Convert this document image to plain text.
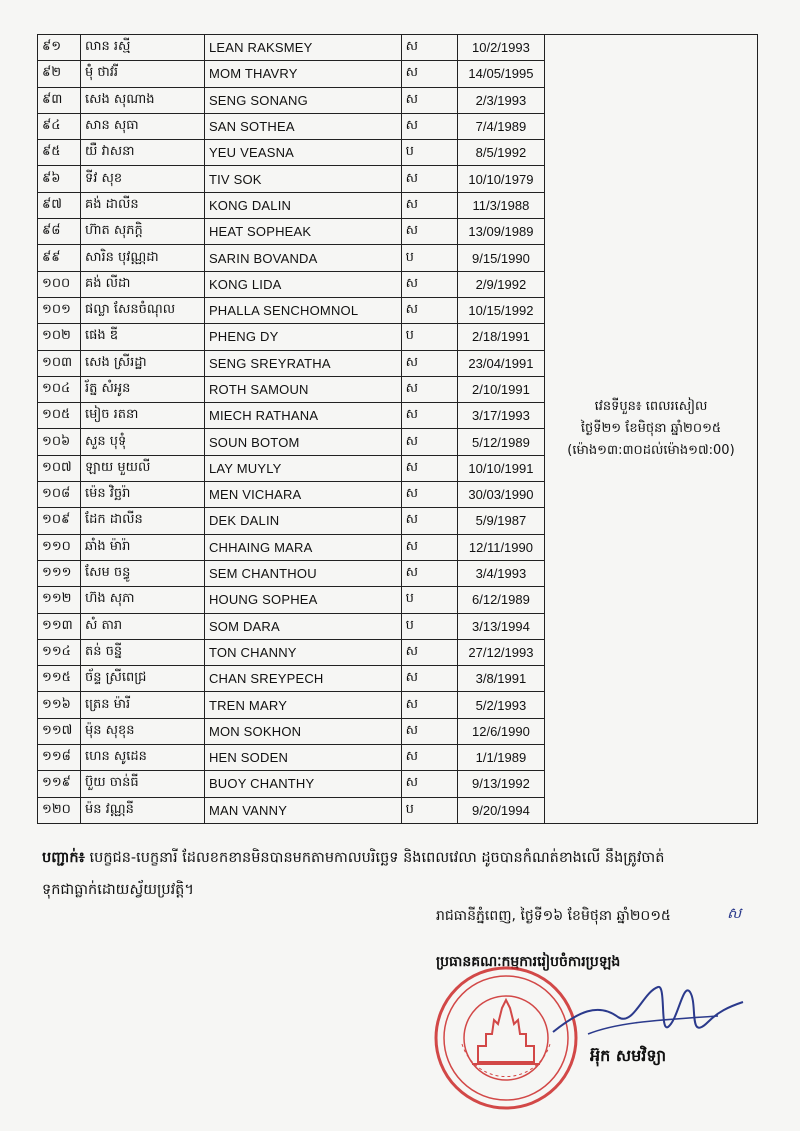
៩១	លាន រស្មី	LEAN RAKSMEY	ស	10/2/1993	វេនទីបួន៖ ពេលរសៀល
ថ្ងៃទី២១ ខែមិថុនា ឆ្នាំ២០១៥
(ម៉ោង១៣:៣០ដល់ម៉ោង១៧:00)

៩២	ម៉ុំ ថាវរី	MOM THAVRY	ស	14/05/1995	
៩៣	សេង សុណាង	SENG SONANG	ស	2/3/1993	
៩៤	សាន សុធា	SAN SOTHEA	ស	7/4/1989	
៩៥	យឺ វាសនា	YEU VEASNA	ប	8/5/1992	
៩៦	ទីវ សុខ	TIV SOK	ស	10/10/1979	
៩៧	គង់ ដាលីន	KONG DALIN	ស	11/3/1988	
៩៨	ហ៊ាត សុភក្តិ	HEAT SOPHEAK	ស	13/09/1989	
៩៩	សារិន បុវណ្ណដា	SARIN BOVANDA	ប	9/15/1990	
១០០	គង់ លីដា	KONG LIDA	ស	2/9/1992	
១០១	ផល្លា សែនចំណុល	PHALLA SENCHOMNOL	ស	10/15/1992	
១០២	ផេង ឌី	PHENG DY	ប	2/18/1991	
១០៣	សេង ស្រីរដ្ឋា	SENG SREYRATHA	ស	23/04/1991	
១០៤	រ័ត្ន សំអូន	ROTH SAMOUN	ស	2/10/1991	
១០៥	មៀច រតនា	MIECH RATHANA	ស	3/17/1993	
១០៦	សួន បុទុំ	SOUN BOTOM	ស	5/12/1989	
១០៧	ឡាយ មួយលី	LAY MUYLY	ស	10/10/1991	
១០៨	ម៉េន វិច្ឆរ៉ា	MEN VICHARA	ស	30/03/1990	
១០៩	ដែក ដាលីន	DEK DALIN	ស	5/9/1987	
១១០	ឆាំង ម៉ារ៉ា	CHHAING MARA	ស	12/11/1990	
១១១	សែម ចន្ធូ	SEM CHANTHOU	ស	3/4/1993	
១១២	ហ៊ង សុភា	HOUNG SOPHEA	ប	6/12/1989	
១១៣	សំ តារា	SOM DARA	ប	3/13/1994	
១១៤	តន់ ចន្នី	TON CHANNY	ស	27/12/1993	
១១៥	ច័ន្ទ ស្រីពេជ្រ	CHAN SREYPECH	ស	3/8/1991	
១១៦	ត្រេន ម៉ារី	TREN MARY	ស	5/2/1993	
១១៧	ម៉ុន សុខុន	MON SOKHON	ស	12/6/1990	
១១៨	ហេន សូដេន	HEN SODEN	ស	1/1/1989	
១១៩	ប៊ួយ ចាន់ធី	BUOY CHANTHY	ស	9/13/1992	
១២០	ម៉ន វណ្ណនី	MAN VANNY	ប	9/20/1994	
បញ្ជាក់៖ បេក្ខជន-បេក្ខនារី ដែលខកខានមិនបានមកតាមកាលបរិច្ឆេទ និងពេលវេលា ដូចបានកំណត់ខាងលើ នឹងត្រូវចាត់
ទុកជាធ្លាក់ដោយស្វ័យប្រវត្តិ។
រាជធានីភ្នំពេញ, ថ្ងៃទី១៦ ខែមិថុនា ឆ្នាំ២០១៥	ស
ប្រធានគណៈកម្មការរៀបចំការប្រឡង
អ៊ុក សមវិទ្យា
